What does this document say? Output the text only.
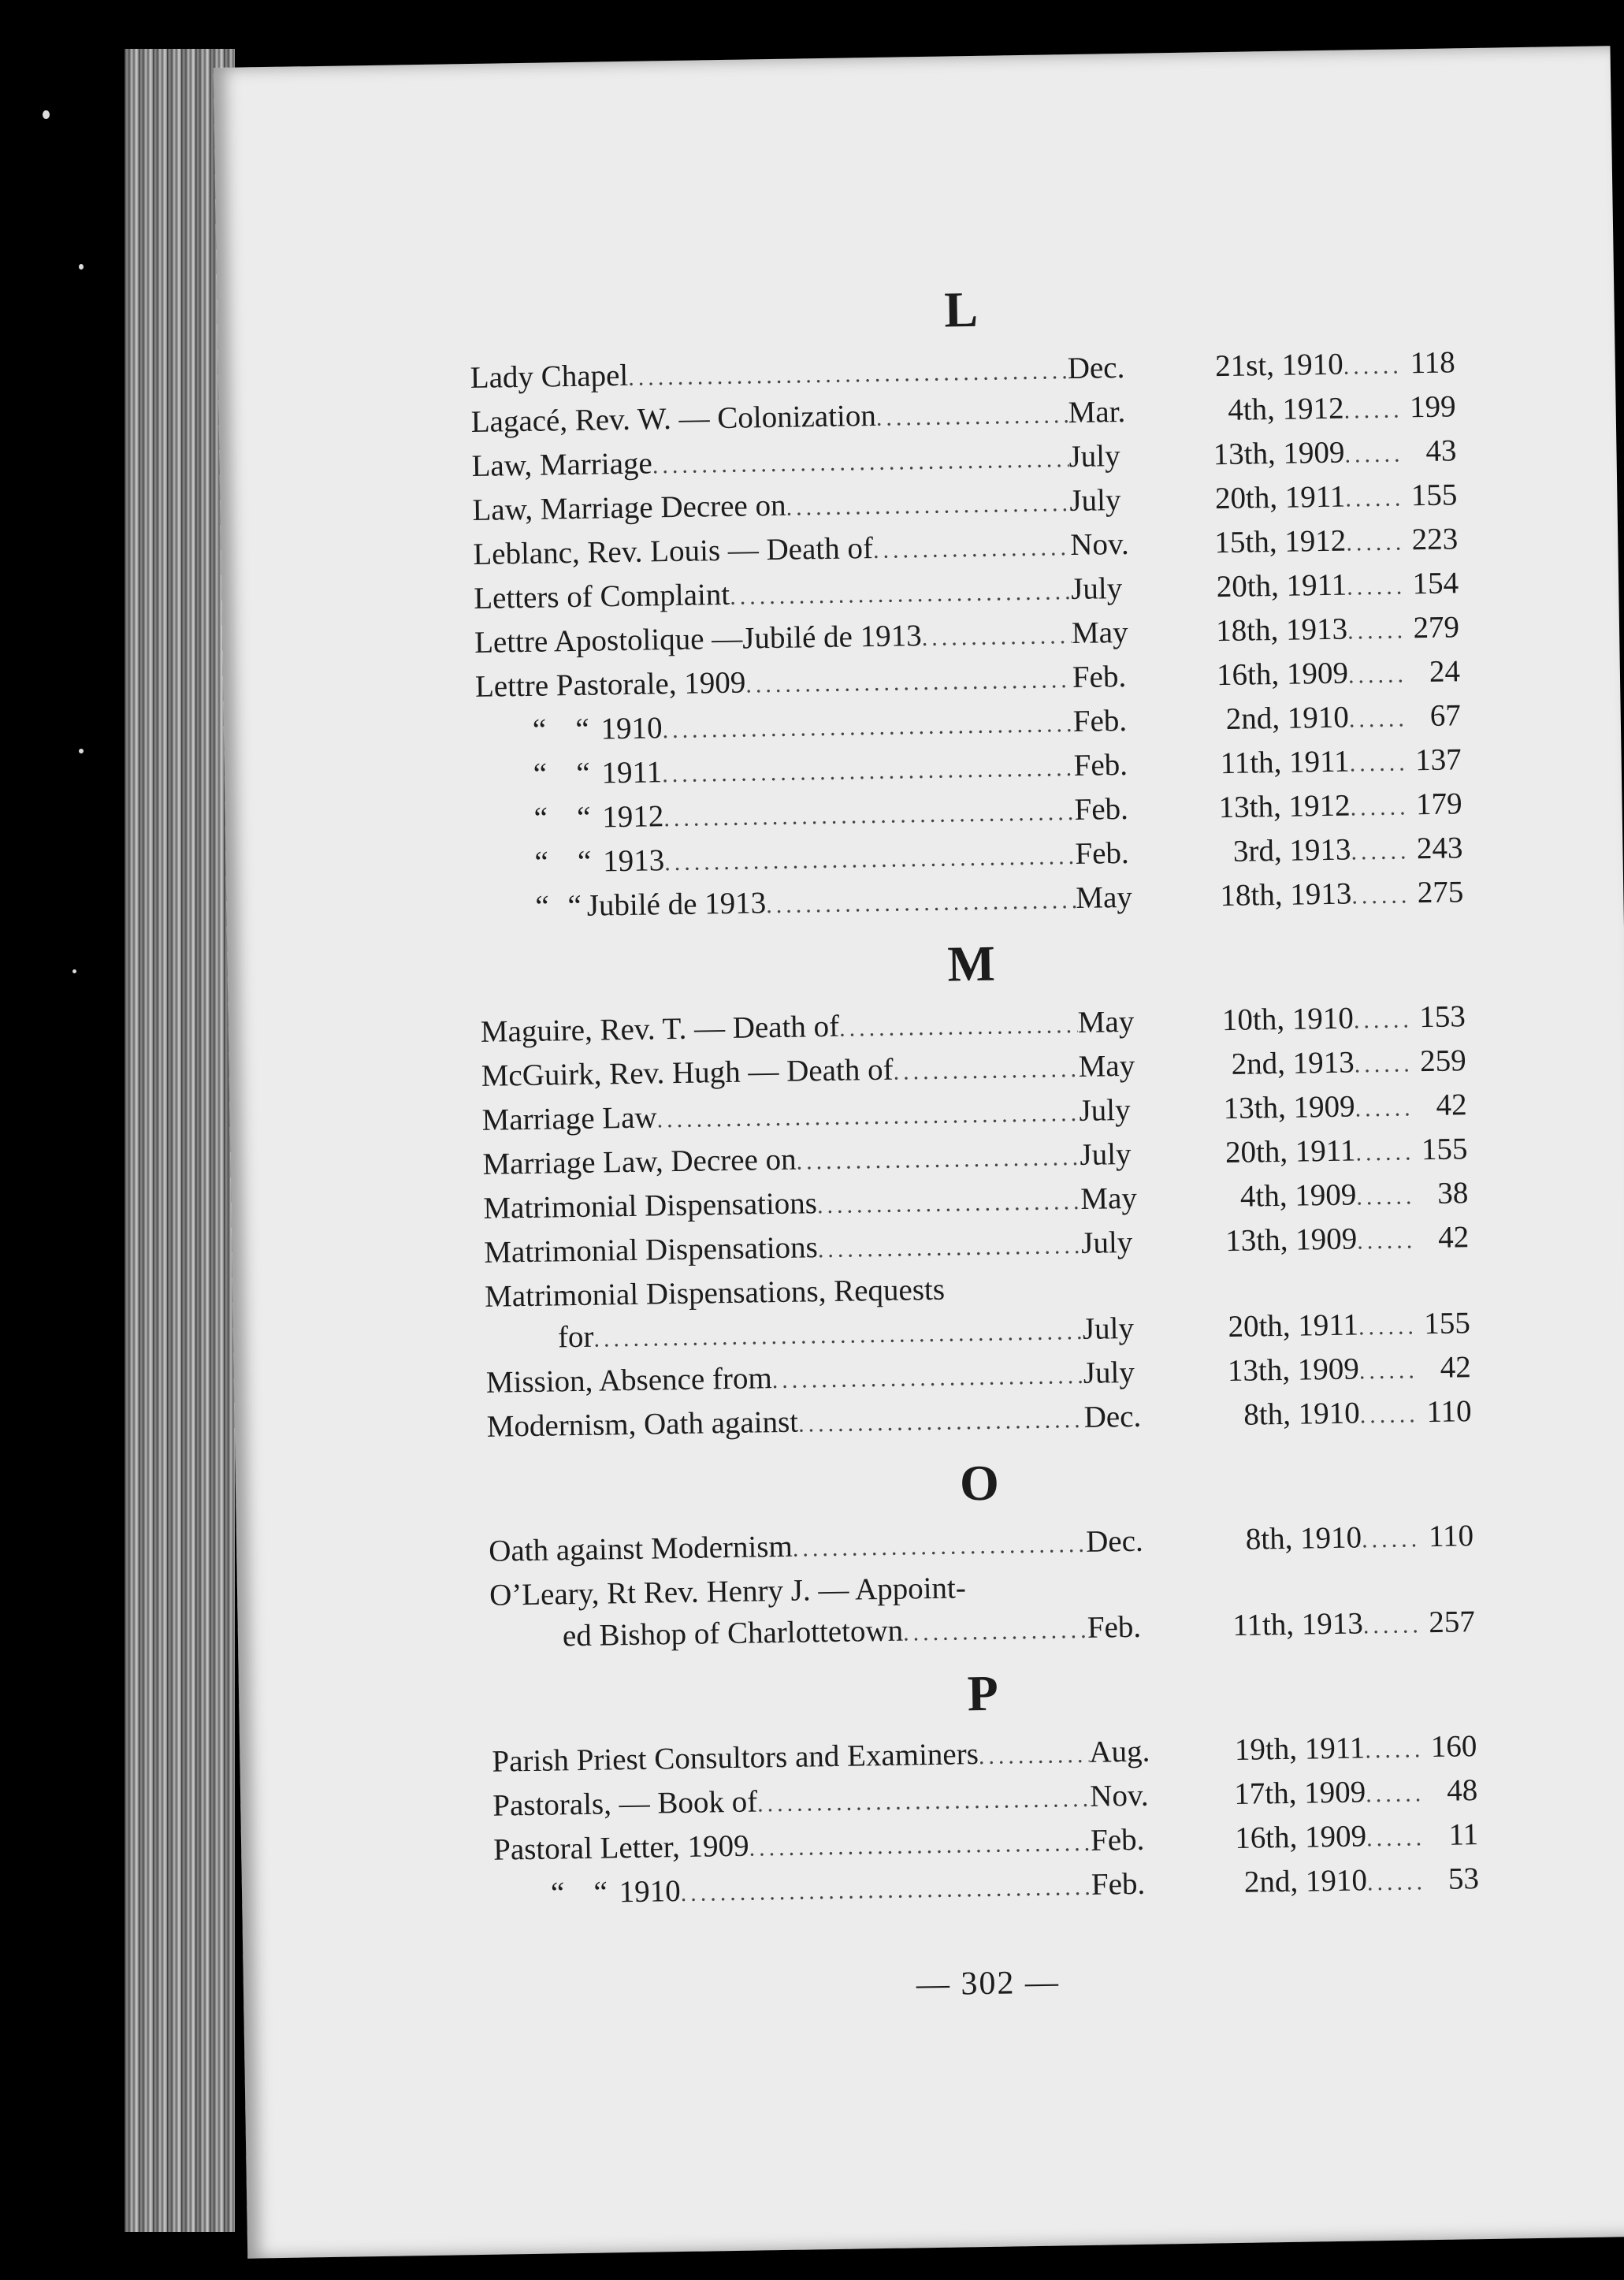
L
Lady Chapel .....	Dec.	21st, 1910 .....	118
Lagacé, Rev. W. — Colonization .....	Mar.	4th, 1912 ..... 199
Law, Marriage .....	July	13th, 1909 .....	43
Law, Marriage Decree on .....	July	20th, 1911 ..... 155
Leblanc, Rev. Louis — Death of .....	Nov.	15th, 1912 ..... 223
Letters of Complaint .....	July	20th, 1911 ..... 154
Lettre Apostolique —Jubilé de 1913 .....	May	18th, 1913 ..... 279
Lettre Pastorale, 1909 .....	Feb.	16th, 1909 .....	24
“ “ 1910 .....	Feb.	2nd, 1910 .....	67
“ “ 1911 .....	Feb.	11th, 1911 ..... 137
“ “ 1912 .....	Feb.	13th, 1912 ..... 179
“ “ 1913 .....	Feb.	3rd, 1913 ..... 243
“ “ Jubilé de 1913 .....	May	18th, 1913 ..... 275
M
Maguire, Rev. T. — Death of .....	May	10th, 1910 ..... 153
McGuirk, Rev. Hugh — Death of .....	May	2nd, 1913 ..... 259
Marriage Law .....	July	13th, 1909 .....	42
Marriage Law, Decree on .....	July	20th, 1911 ..... 155
Matrimonial Dispensations .....	May	4th, 1909 .....	38
Matrimonial Dispensations .....	July	13th, 1909 .....	42
Matrimonial Dispensations, Requests
for .....	July	20th, 1911 ..... 155
Mission, Absence from .....	July	13th, 1909 .....	42
Modernism, Oath against .....	Dec.	8th, 1910 .....	110
O
Oath against Modernism .....	Dec.	8th, 1910 .....	110
O’Leary, Rt Rev. Henry J. — Appoint-
ed Bishop of Charlottetown .....	Feb.	11th, 1913 ..... 257
P
Parish Priest Consultors and Examiners .....	Aug.	19th, 1911 ..... 160
Pastorals, — Book of .....	Nov.	17th, 1909 .....	48
Pastoral Letter, 1909 .....	Feb.	16th, 1909 .....	11
“ “ 1910 .....	Feb.	2nd, 1910 .....	53
— 302 —
